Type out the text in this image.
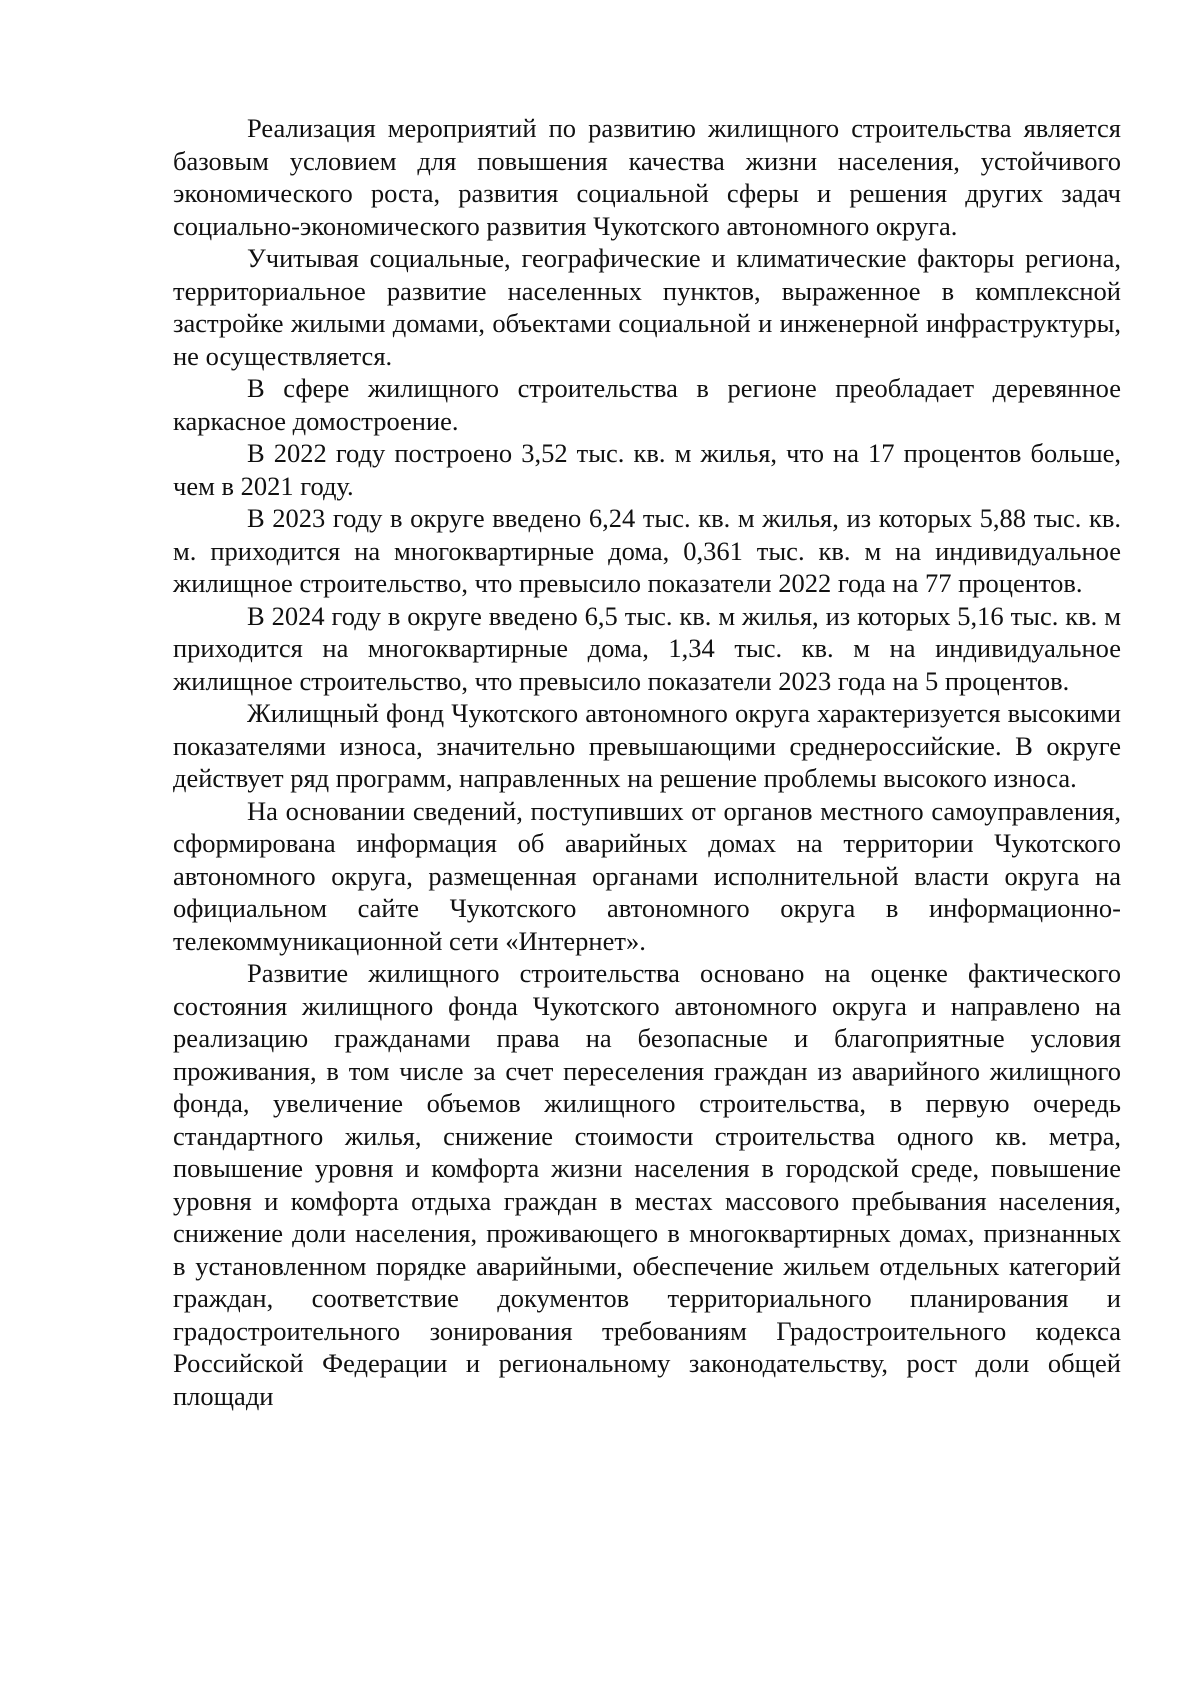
Реализация мероприятий по развитию жилищного строительства является базовым условием для повышения качества жизни населения, устойчивого экономического роста, развития социальной сферы и решения других задач социально-экономического развития Чукотского автономного округа.

Учитывая социальные, географические и климатические факторы региона, территориальное развитие населенных пунктов, выраженное в комплексной застройке жилыми домами, объектами социальной и инженерной инфраструктуры, не осуществляется.

В сфере жилищного строительства в регионе преобладает деревянное каркасное домостроение.

В 2022 году построено 3,52 тыс. кв. м жилья, что на 17 процентов больше, чем в 2021 году.

В 2023 году в округе введено 6,24 тыс. кв. м жилья, из которых 5,88 тыс. кв. м. приходится на многоквартирные дома, 0,361 тыс. кв. м на индивидуальное жилищное строительство, что превысило показатели 2022 года на 77 процентов.

В 2024 году в округе введено 6,5 тыс. кв. м жилья, из которых 5,16 тыс. кв. м приходится на многоквартирные дома, 1,34 тыс. кв. м на индивидуальное жилищное строительство, что превысило показатели 2023 года на 5 процентов.

Жилищный фонд Чукотского автономного округа характеризуется высокими показателями износа, значительно превышающими среднероссийские. В округе действует ряд программ, направленных на решение проблемы высокого износа.

На основании сведений, поступивших от органов местного самоуправления, сформирована информация об аварийных домах на территории Чукотского автономного округа, размещенная органами исполнительной власти округа на официальном сайте Чукотского автономного округа в информационно-телекоммуникационной сети «Интернет».

Развитие жилищного строительства основано на оценке фактического состояния жилищного фонда Чукотского автономного округа и направлено на реализацию гражданами права на безопасные и благоприятные условия проживания, в том числе за счет переселения граждан из аварийного жилищного фонда, увеличение объемов жилищного строительства, в первую очередь стандартного жилья, снижение стоимости строительства одного кв. метра, повышение уровня и комфорта жизни населения в городской среде, повышение уровня и комфорта отдыха граждан в местах массового пребывания населения, снижение доли населения, проживающего в многоквартирных домах, признанных в установленном порядке аварийными, обеспечение жильем отдельных категорий граждан, соответствие документов территориального планирования и градостроительного зонирования требованиям Градостроительного кодекса Российской Федерации и региональному законодательству, рост доли общей площади
